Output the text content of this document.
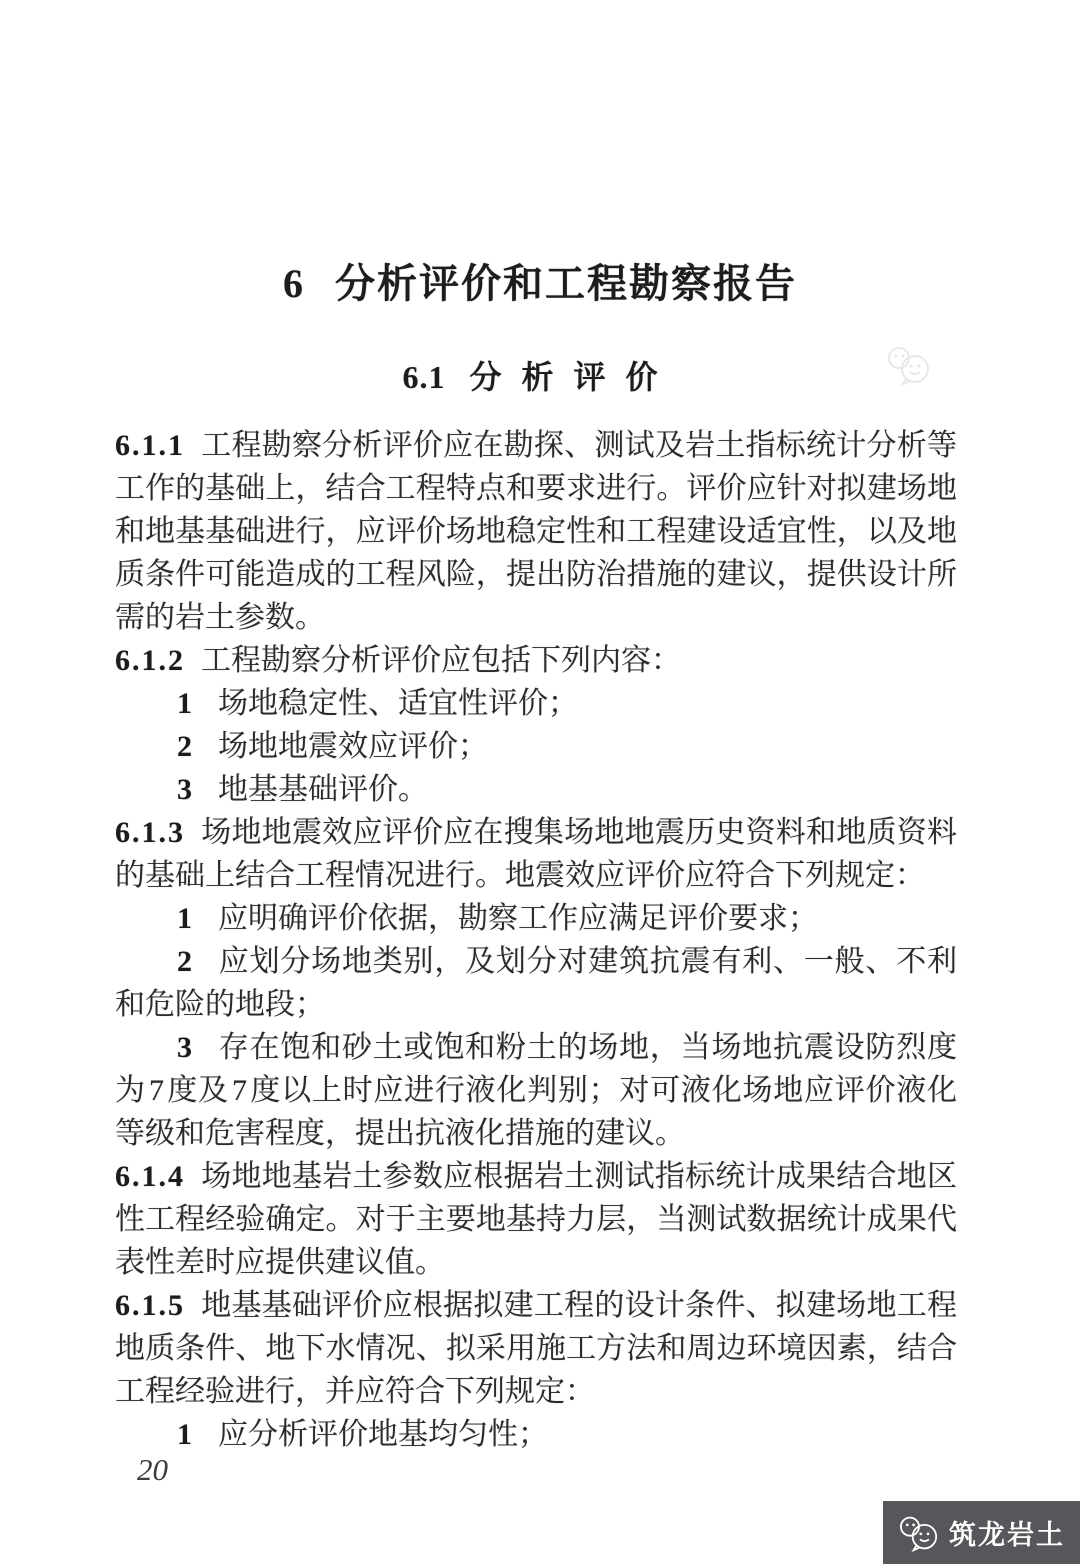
6 分析评价和工程勘察报告
6.1 分析评价

6.1.1 工程勘察分析评价应在勘探、测试及岩土指标统计分析等工作的基础上，结合工程特点和要求进行。评价应针对拟建场地和地基基础进行，应评价场地稳定性和工程建设适宜性，以及地质条件可能造成的工程风险，提出防治措施的建议，提供设计所需的岩土参数。

6.1.2 工程勘察分析评价应包括下列内容：

1 场地稳定性、适宜性评价；

2 场地地震效应评价；

3 地基基础评价。

6.1.3 场地地震效应评价应在搜集场地地震历史资料和地质资料的基础上结合工程情况进行。地震效应评价应符合下列规定：

1 应明确评价依据，勘察工作应满足评价要求；

2 应划分场地类别，及划分对建筑抗震有利、一般、不利和危险的地段；

3 存在饱和砂土或饱和粉土的场地，当场地抗震设防烈度为 7 度及 7 度以上时应进行液化判别；对可液化场地应评价液化等级和危害程度，提出抗液化措施的建议。

6.1.4 场地地基岩土参数应根据岩土测试指标统计成果结合地区性工程经验确定。对于主要地基持力层，当测试数据统计成果代表性差时应提供建议值。

6.1.5 地基基础评价应根据拟建工程的设计条件、拟建场地工程地质条件、地下水情况、拟采用施工方法和周边环境因素，结合工程经验进行，并应符合下列规定：

1 应分析评价地基均匀性；

20
筑龙岩土
